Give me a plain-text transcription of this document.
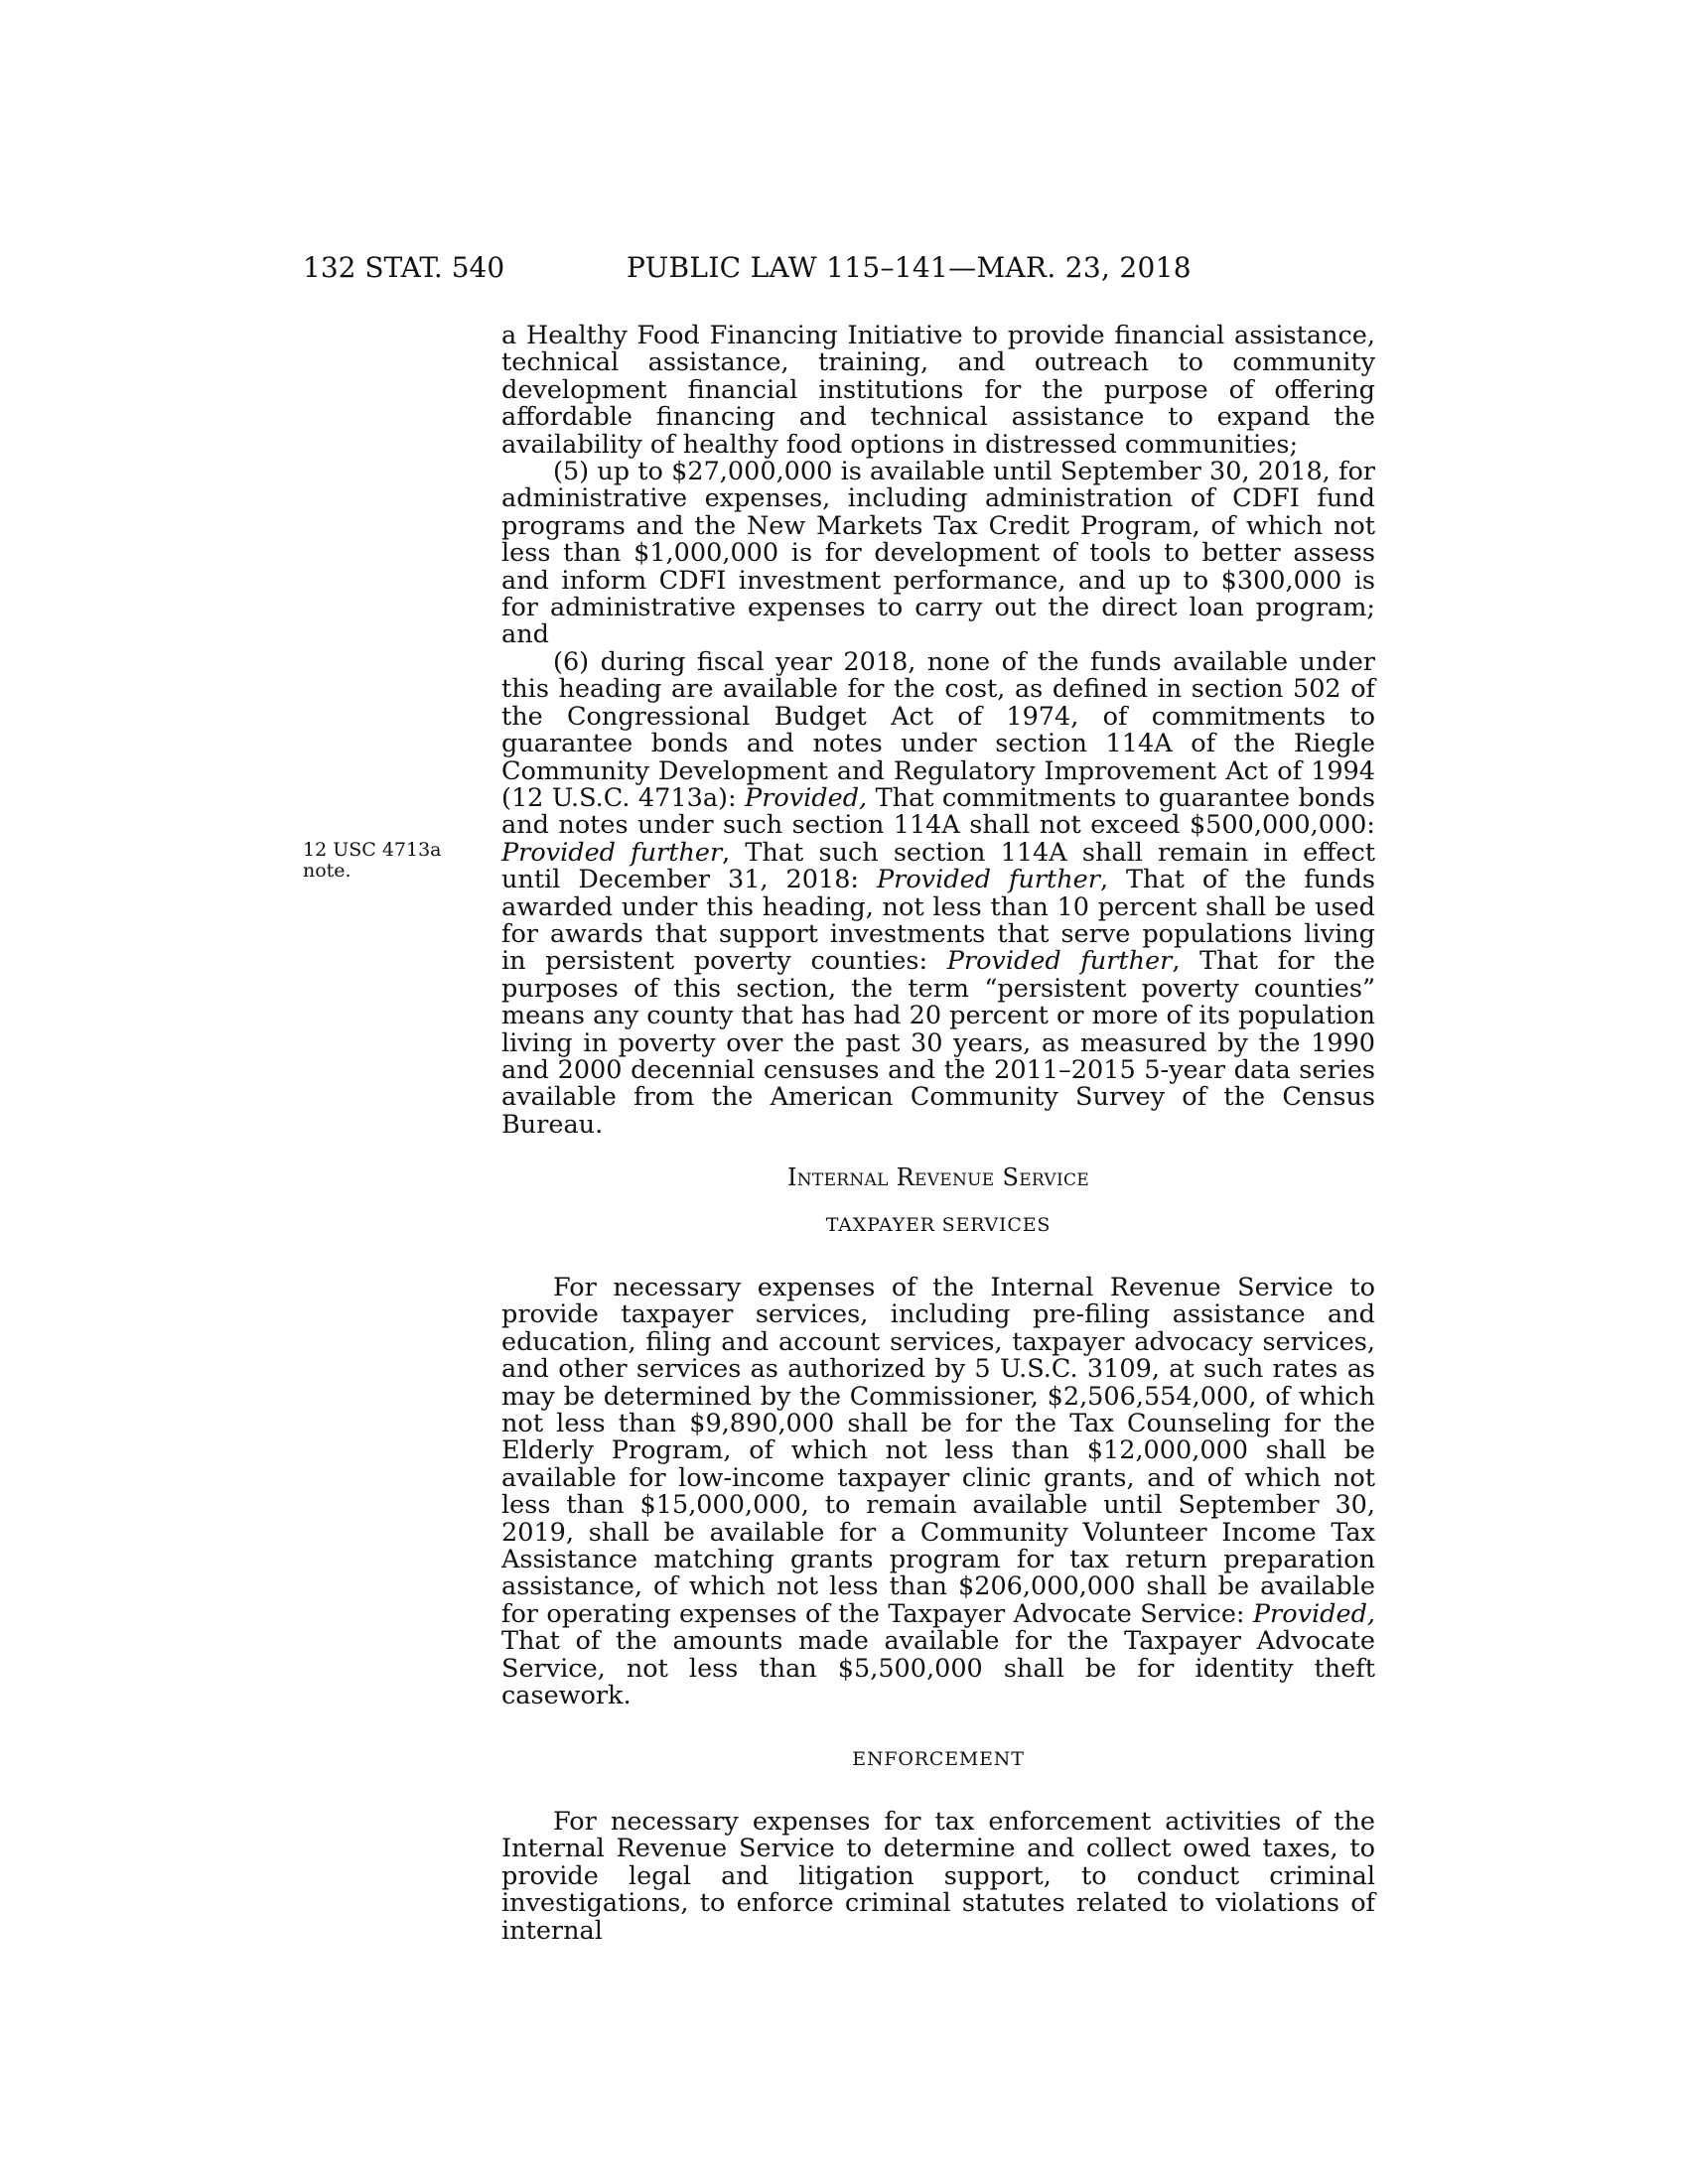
132 STAT. 540	PUBLIC LAW 115–141—MAR. 23, 2018
12 USC 4713a
note.

a Healthy Food Financing Initiative to provide financial assistance, technical assistance, training, and outreach to community development financial institutions for the purpose of offering affordable financing and technical assistance to expand the availability of healthy food options in distressed communities;

(5) up to $27,000,000 is available until September 30, 2018, for administrative expenses, including administration of CDFI fund programs and the New Markets Tax Credit Program, of which not less than $1,000,000 is for development of tools to better assess and inform CDFI investment performance, and up to $300,000 is for administrative expenses to carry out the direct loan program; and

(6) during fiscal year 2018, none of the funds available under this heading are available for the cost, as defined in section 502 of the Congressional Budget Act of 1974, of commitments to guarantee bonds and notes under section 114A of the Riegle Community Development and Regulatory Improvement Act of 1994 (12 U.S.C. 4713a): Provided, That commitments to guarantee bonds and notes under such section 114A shall not exceed $500,000,000: Provided further, That such section 114A shall remain in effect until December 31, 2018: Provided further, That of the funds awarded under this heading, not less than 10 percent shall be used for awards that support investments that serve populations living in persistent poverty counties: Provided further, That for the purposes of this section, the term “persistent poverty counties” means any county that has had 20 percent or more of its population living in poverty over the past 30 years, as measured by the 1990 and 2000 decennial censuses and the 2011–2015 5-year data series available from the American Community Survey of the Census Bureau.

Internal Revenue Service

TAXPAYER SERVICES

For necessary expenses of the Internal Revenue Service to provide taxpayer services, including pre-filing assistance and education, filing and account services, taxpayer advocacy services, and other services as authorized by 5 U.S.C. 3109, at such rates as may be determined by the Commissioner, $2,506,554,000, of which not less than $9,890,000 shall be for the Tax Counseling for the Elderly Program, of which not less than $12,000,000 shall be available for low-income taxpayer clinic grants, and of which not less than $15,000,000, to remain available until September 30, 2019, shall be available for a Community Volunteer Income Tax Assistance matching grants program for tax return preparation assistance, of which not less than $206,000,000 shall be available for operating expenses of the Taxpayer Advocate Service: Provided, That of the amounts made available for the Taxpayer Advocate Service, not less than $5,500,000 shall be for identity theft casework.

ENFORCEMENT

For necessary expenses for tax enforcement activities of the Internal Revenue Service to determine and collect owed taxes, to provide legal and litigation support, to conduct criminal investigations, to enforce criminal statutes related to violations of internal
